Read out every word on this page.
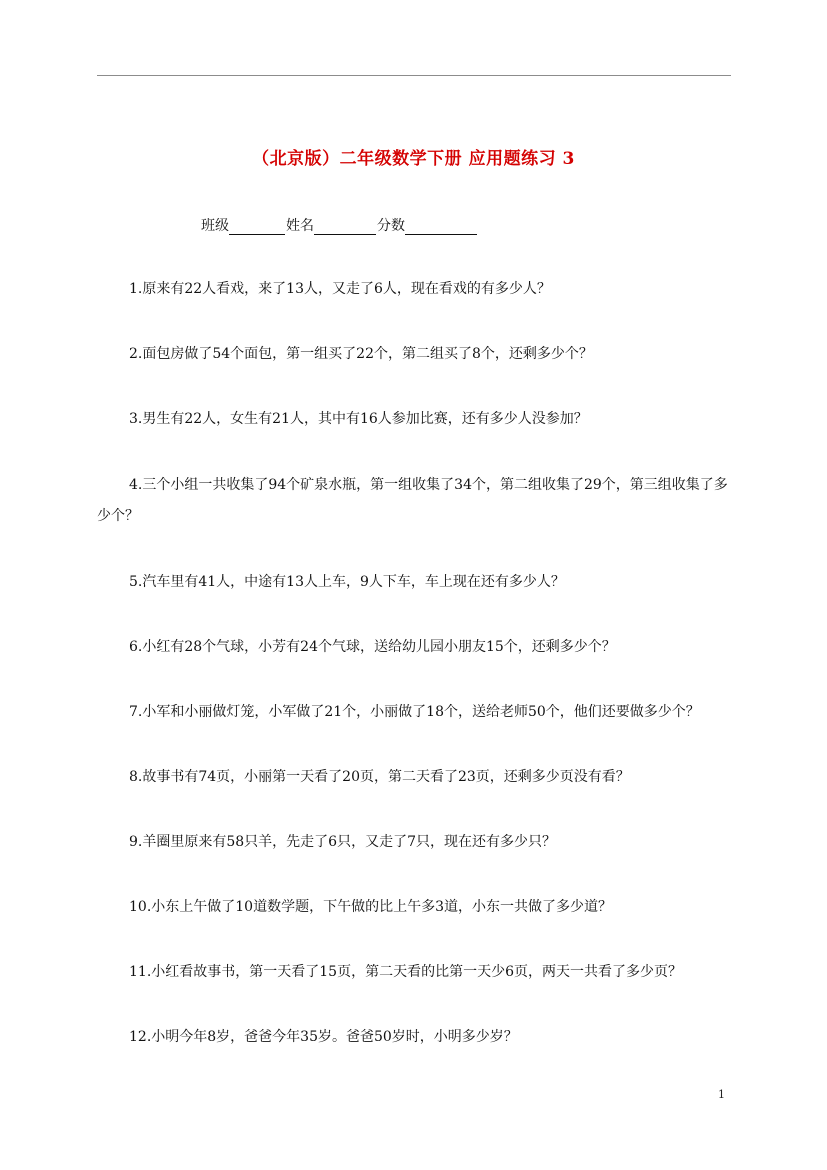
（北京版）二年级数学下册 应用题练习 3
班级	姓名	分数
1.原来有22人看戏，来了13人，又走了6人，现在看戏的有多少人？
2.面包房做了54个面包，第一组买了22个，第二组买了8个，还剩多少个？
3.男生有22人，女生有21人，其中有16人参加比赛，还有多少人没参加？
4.三个小组一共收集了94个矿泉水瓶，第一组收集了34个，第二组收集了29个，第三组收集了多少个？
5.汽车里有41人，中途有13人上车，9人下车，车上现在还有多少人？
6.小红有28个气球，小芳有24个气球，送给幼儿园小朋友15个，还剩多少个？
7.小军和小丽做灯笼，小军做了21个，小丽做了18个，送给老师50个，他们还要做多少个？
8.故事书有74页，小丽第一天看了20页，第二天看了23页，还剩多少页没有看？
9.羊圈里原来有58只羊，先走了6只，又走了7只，现在还有多少只？
10.小东上午做了10道数学题，下午做的比上午多3道，小东一共做了多少道？
11.小红看故事书，第一天看了15页，第二天看的比第一天少6页，两天一共看了多少页？
12.小明今年8岁，爸爸今年35岁。爸爸50岁时，小明多少岁？
1
